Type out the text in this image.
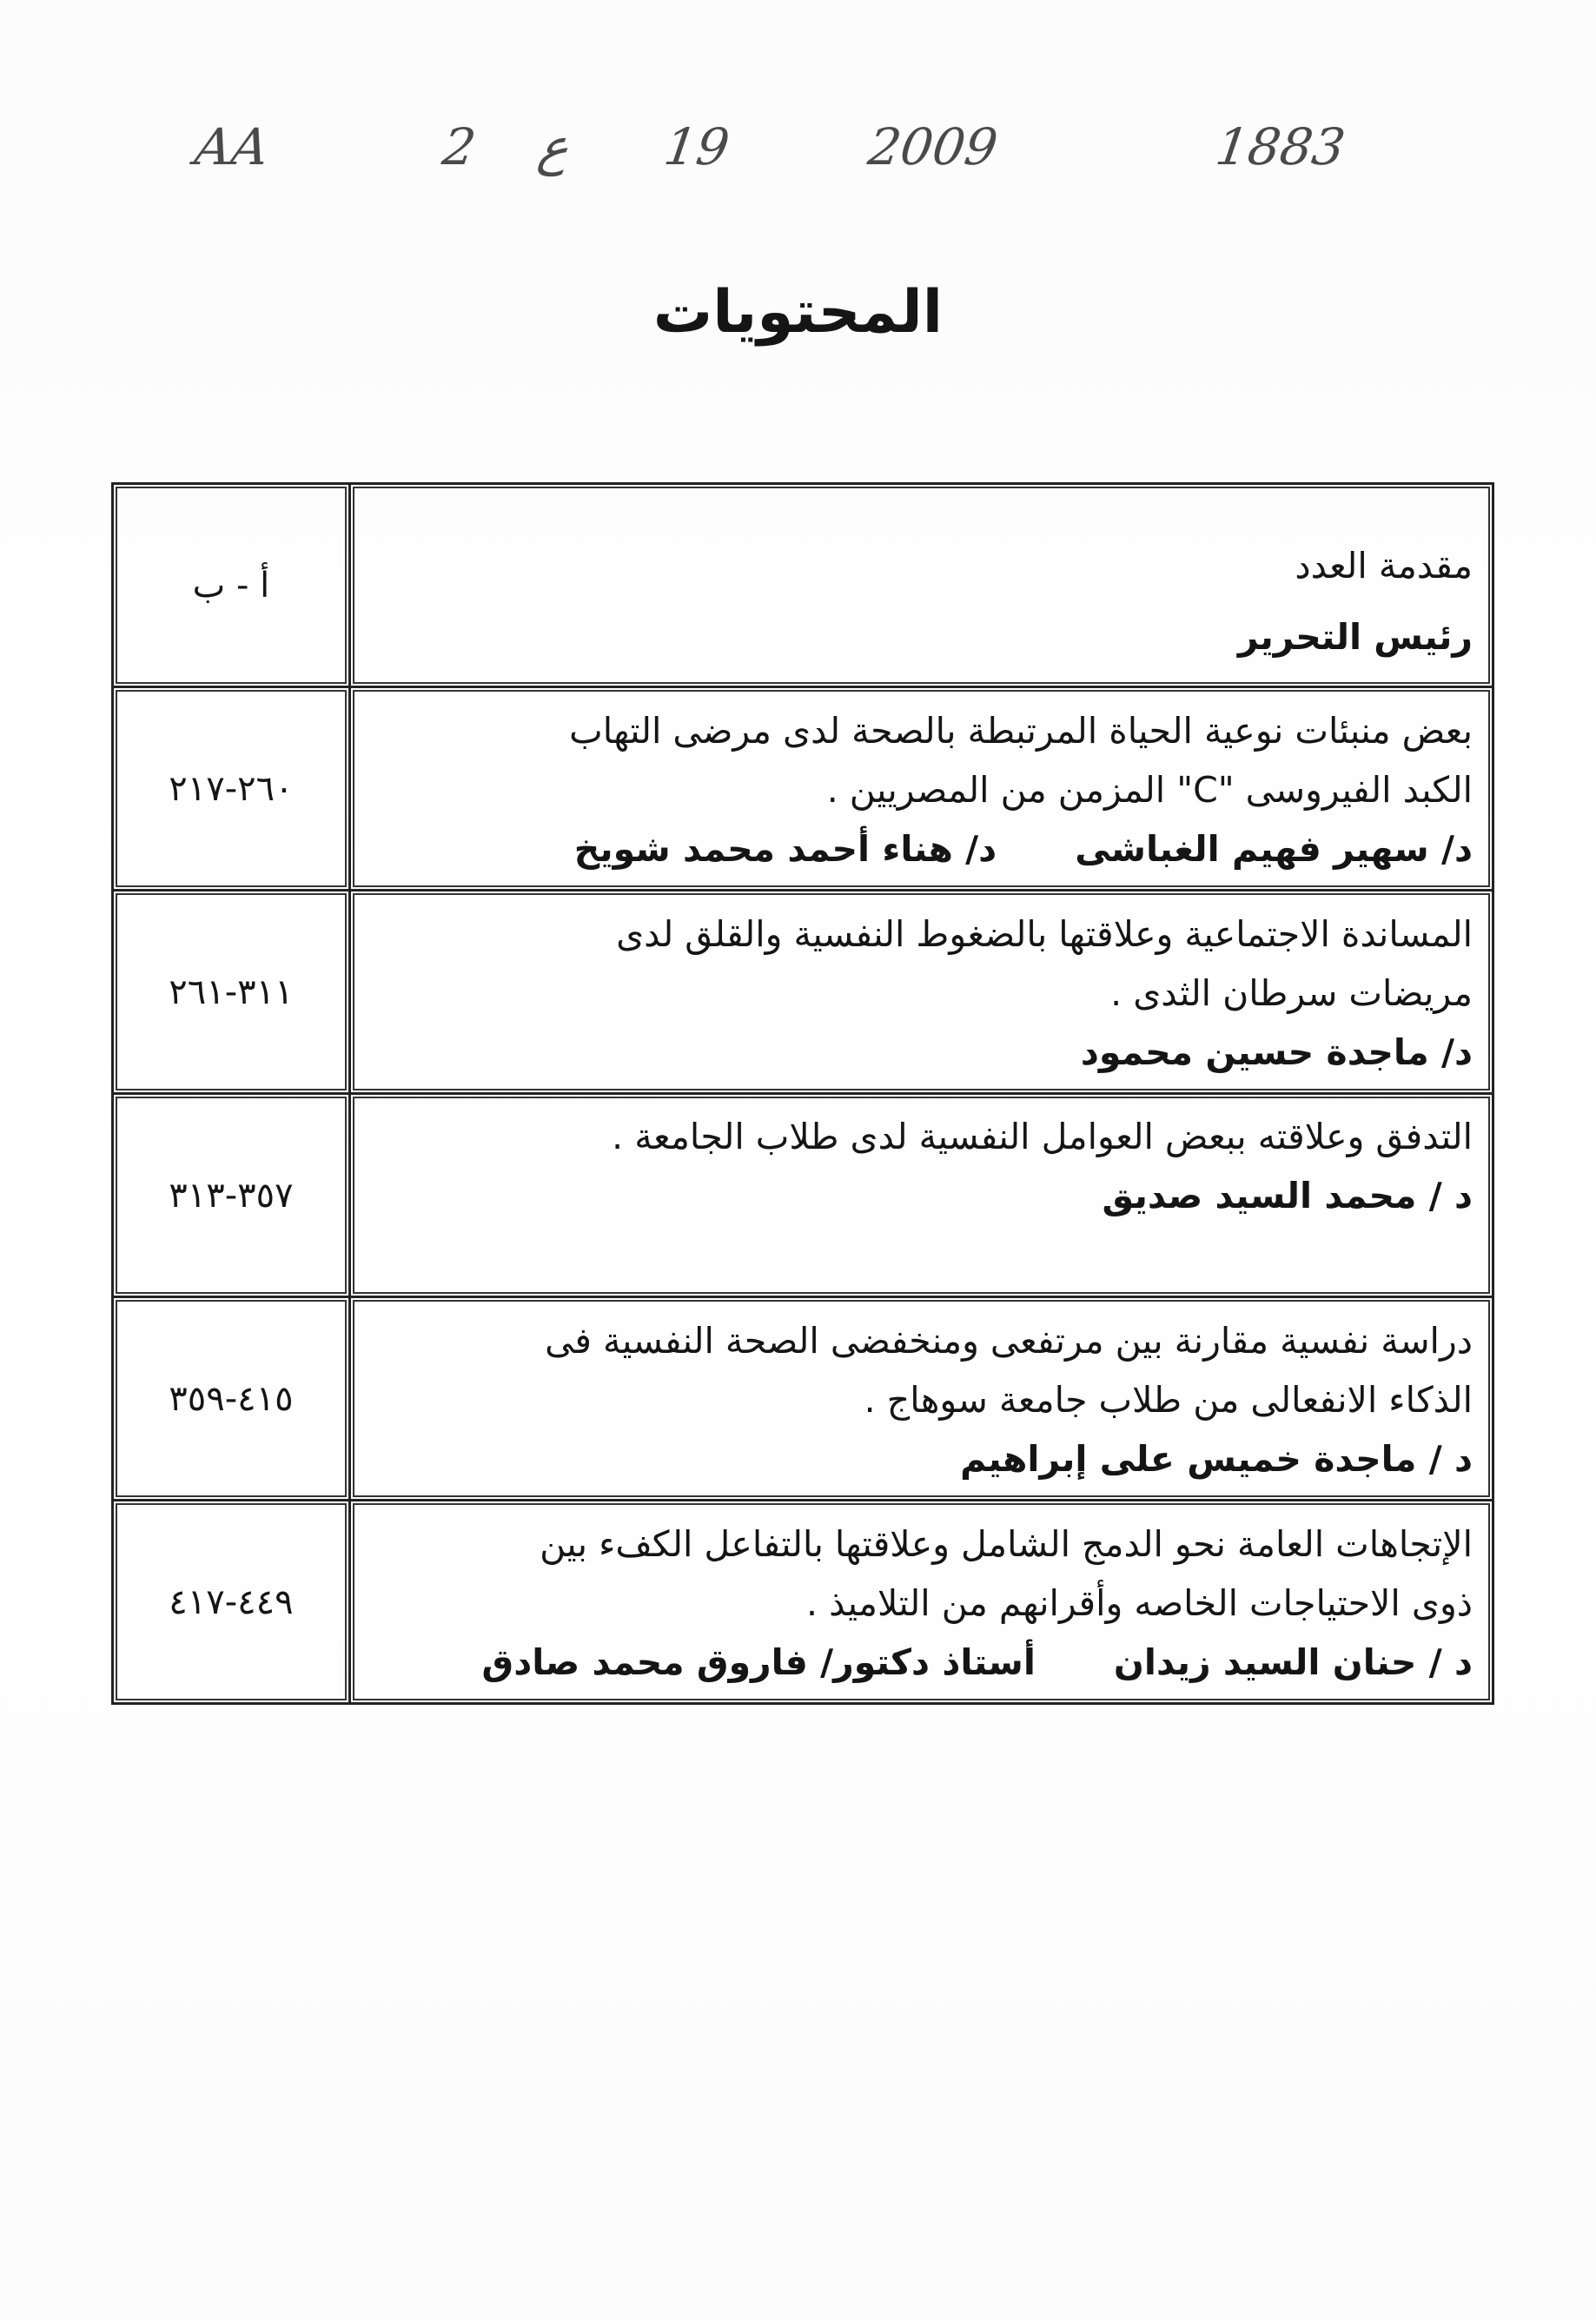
AA	2 ع 19	2009	1883
المحتويات
مقدمة العدد
رئيس التحرير	أ - ب

بعض منبئات نوعية الحياة المرتبطة بالصحة لدى مرضى التهاب
الكبد الفيروسى "C" المزمن من المصريين .
د/ سهير فهيم الغباشىد/ هناء أحمد محمد شويخ	٢٦٠-٢١٧

المساندة الاجتماعية وعلاقتها بالضغوط النفسية والقلق لدى
مريضات سرطان الثدى .
د/ ماجدة حسين محمود	٣١١-٢٦١

التدفق وعلاقته ببعض العوامل النفسية لدى طلاب الجامعة .
د / محمد السيد صديق	٣٥٧-٣١٣

دراسة نفسية مقارنة بين مرتفعى ومنخفضى الصحة النفسية فى
الذكاء الانفعالى من طلاب جامعة سوهاج .
د / ماجدة خميس على إبراهيم	٤١٥-٣٥٩

الإتجاهات العامة نحو الدمج الشامل وعلاقتها بالتفاعل الكفء بين
ذوى الاحتياجات الخاصه وأقرانهم من التلاميذ .
د / حنان السيد زيدانأستاذ دكتور/ فاروق محمد صادق	٤٤٩-٤١٧
